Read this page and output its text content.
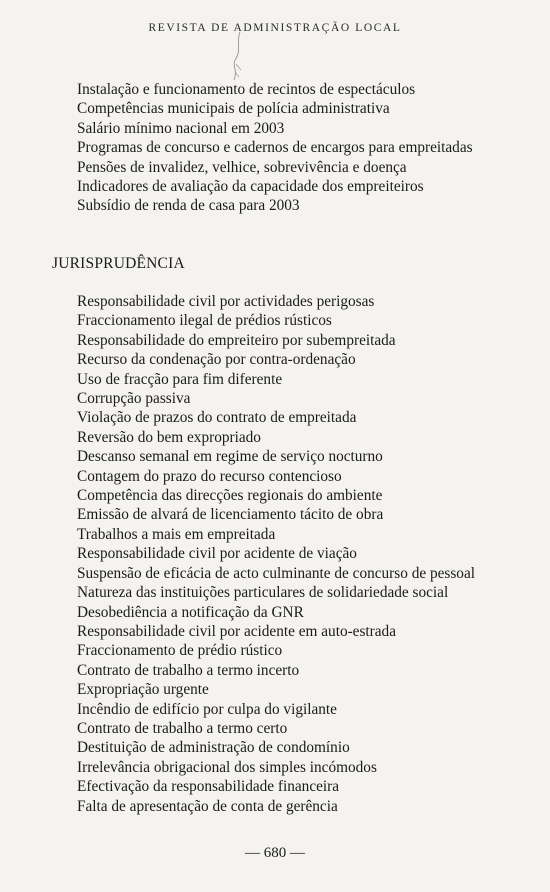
REVISTA DE ADMINISTRAÇÃO LOCAL
Instalação e funcionamento de recintos de espectáculos
Competências municipais de polícia administrativa
Salário mínimo nacional em 2003
Programas de concurso e cadernos de encargos para empreitadas
Pensões de invalidez, velhice, sobrevivência e doença
Indicadores de avaliação da capacidade dos empreiteiros
Subsídio de renda de casa para 2003
JURISPRUDÊNCIA
Responsabilidade civil por actividades perigosas
Fraccionamento ilegal de prédios rústicos
Responsabilidade do empreiteiro por subempreitada
Recurso da condenação por contra-ordenação
Uso de fracção para fim diferente
Corrupção passiva
Violação de prazos do contrato de empreitada
Reversão do bem expropriado
Descanso semanal em regime de serviço nocturno
Contagem do prazo do recurso contencioso
Competência das direcções regionais do ambiente
Emissão de alvará de licenciamento tácito de obra
Trabalhos a mais em empreitada
Responsabilidade civil por acidente de viação
Suspensão de eficácia de acto culminante de concurso de pessoal
Natureza das instituições particulares de solidariedade social
Desobediência a notificação da GNR
Responsabilidade civil por acidente em auto-estrada
Fraccionamento de prédio rústico
Contrato de trabalho a termo incerto
Expropriação urgente
Incêndio de edifício por culpa do vigilante
Contrato de trabalho a termo certo
Destituição de administração de condomínio
Irrelevância obrigacional dos simples incómodos
Efectivação da responsabilidade financeira
Falta de apresentação de conta de gerência
— 680 —
